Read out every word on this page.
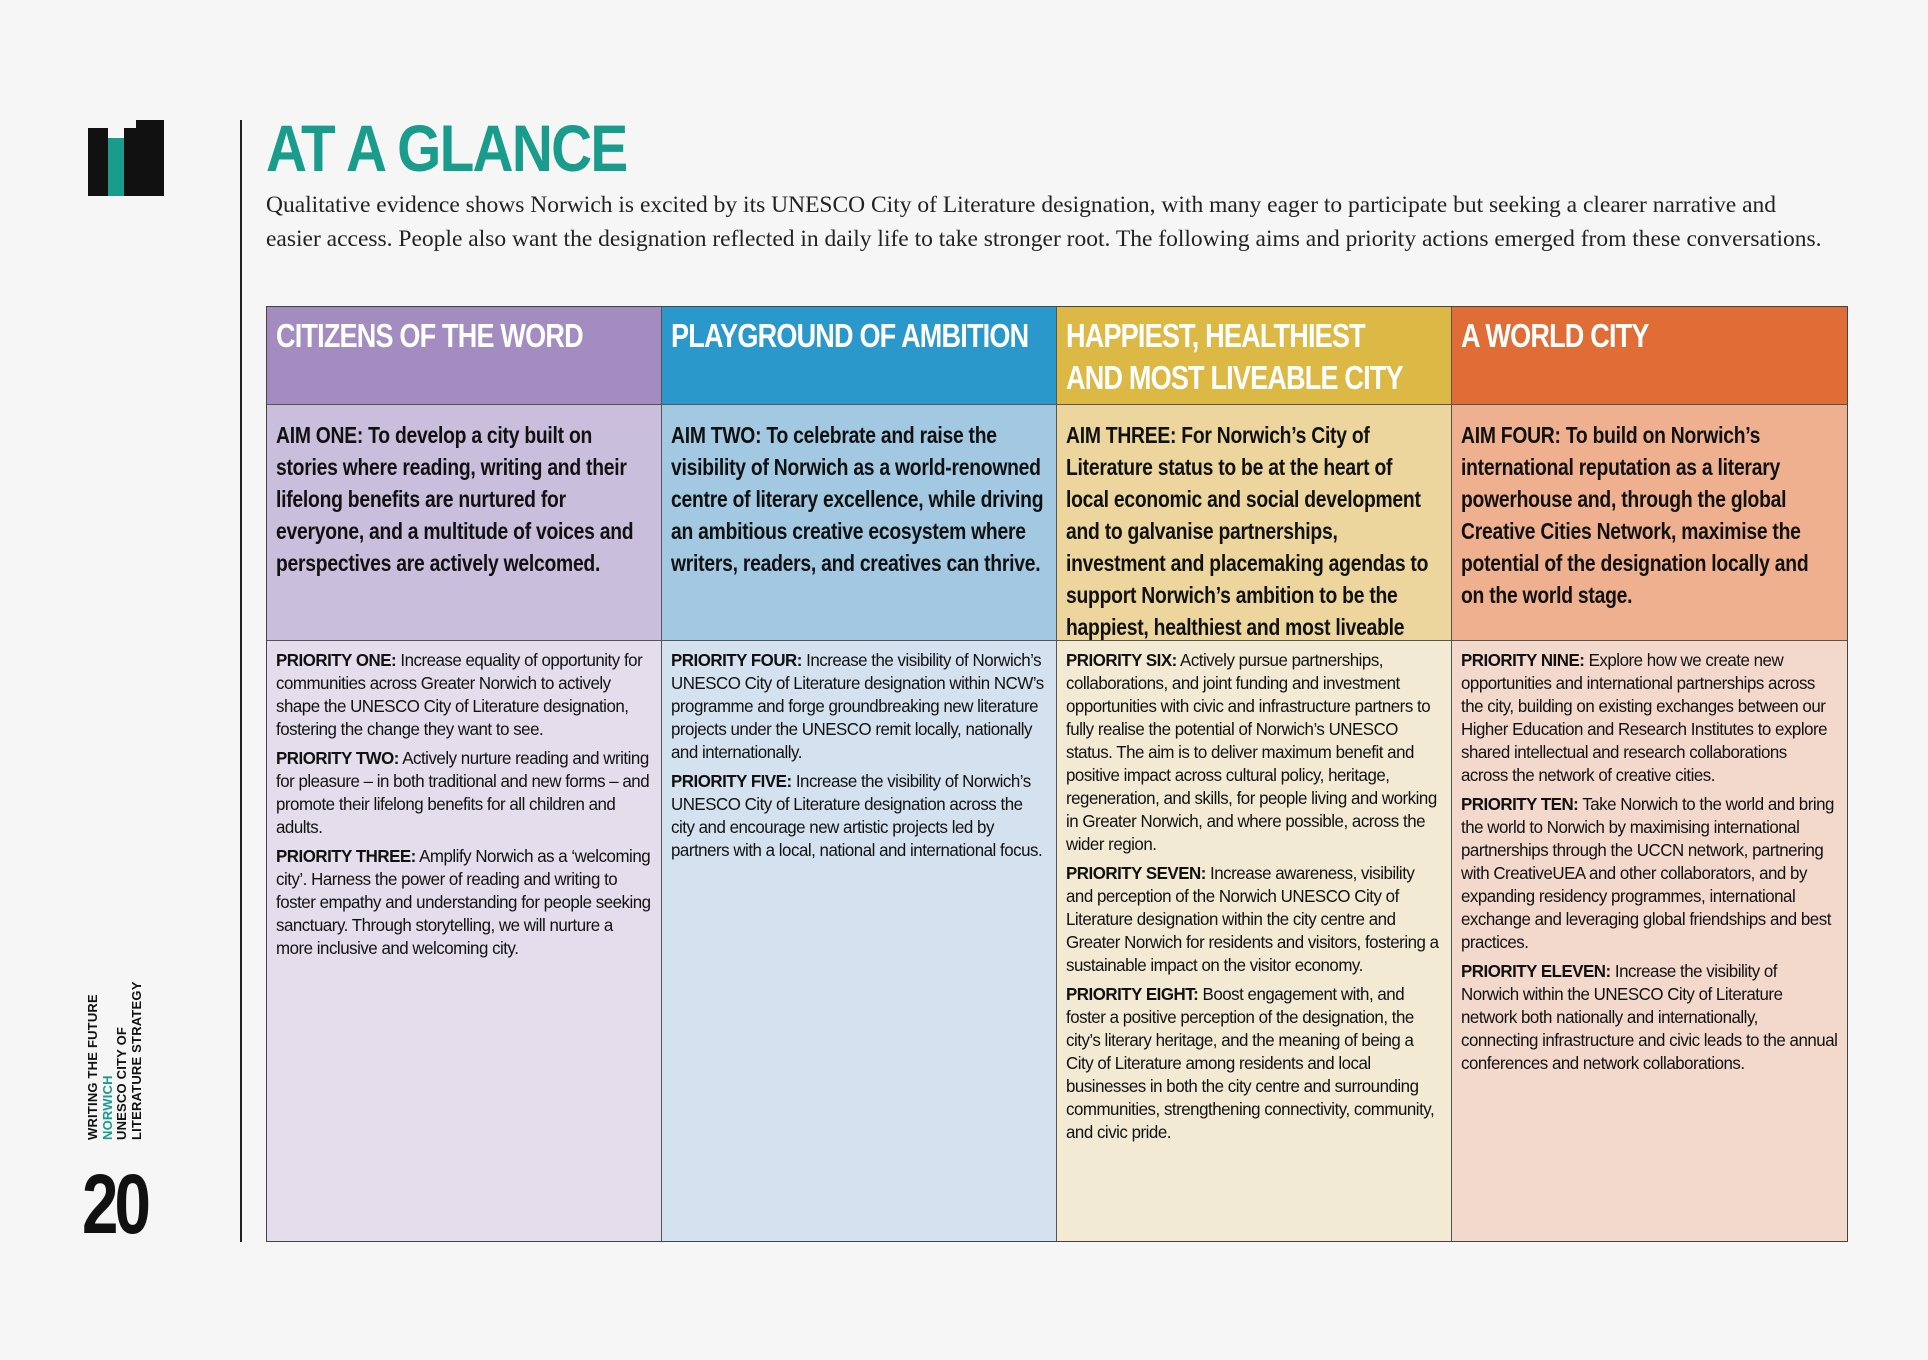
WRITING THE FUTURE NORWICH UNESCO CITY OF LITERATURE STRATEGY
20
AT A GLANCE
Qualitative evidence shows Norwich is excited by its UNESCO City of Literature designation, with many eager to participate but seeking a clearer narrative and easier access. People also want the designation reflected in daily life to take stronger root. The following aims and priority actions emerged from these conversations.
CITIZENS OF THE WORD	PLAYGROUND OF AMBITION	HAPPIEST, HEALTHIEST
AND MOST LIVEABLE CITY
A WORLD CITY
AIM ONE: To develop a city built on stories where reading, writing and their lifelong benefits are nurtured for everyone, and a multitude of voices and perspectives are actively welcomed.
AIM TWO: To celebrate and raise the visibility of Norwich as a world-renowned centre of literary excellence, while driving an ambitious creative ecosystem where writers, readers, and creatives can thrive.
AIM THREE: For Norwich’s City of Literature status to be at the heart of local economic and social development and to galvanise partnerships, investment and placemaking agendas to support Norwich’s ambition to be the happiest, healthiest and most liveable
AIM FOUR: To build on Norwich’s international reputation as a literary powerhouse and, through the global Creative Cities Network, maximise the potential of the designation locally and on the world stage.

PRIORITY ONE: Increase equality of opportunity for communities across Greater Norwich to actively shape the UNESCO City of Literature designation, fostering the change they want to see.

PRIORITY TWO: Actively nurture reading and writing for pleasure – in both traditional and new forms – and promote their lifelong benefits for all children and adults.

PRIORITY THREE: Amplify Norwich as a ‘welcoming city’. Harness the power of reading and writing to foster empathy and understanding for people seeking sanctuary. Through storytelling, we will nurture a more inclusive and welcoming city.

PRIORITY FOUR: Increase the visibility of Norwich’s UNESCO City of Literature designation within NCW’s programme and forge groundbreaking new literature projects under the UNESCO remit locally, nationally and internationally.

PRIORITY FIVE: Increase the visibility of Norwich’s UNESCO City of Literature designation across the city and encourage new artistic projects led by partners with a local, national and international focus.

PRIORITY SIX: Actively pursue partnerships, collaborations, and joint funding and investment opportunities with civic and infrastructure partners to fully realise the potential of Norwich’s UNESCO status. The aim is to deliver maximum benefit and positive impact across cultural policy, heritage, regeneration, and skills, for people living and working in Greater Norwich, and where possible, across the wider region.

PRIORITY SEVEN: Increase awareness, visibility and perception of the Norwich UNESCO City of Literature designation within the city centre and Greater Norwich for residents and visitors, fostering a sustainable impact on the visitor economy.

PRIORITY EIGHT: Boost engagement with, and foster a positive perception of the designation, the city’s literary heritage, and the meaning of being a City of Literature among residents and local businesses in both the city centre and surrounding communities, strengthening connectivity, community, and civic pride.

PRIORITY NINE: Explore how we create new opportunities and international partnerships across the city, building on existing exchanges between our Higher Education and Research Institutes to explore shared intellectual and research collaborations across the network of creative cities.

PRIORITY TEN: Take Norwich to the world and bring the world to Norwich by maximising international partnerships through the UCCN network, partnering with CreativeUEA and other collaborators, and by expanding residency programmes, international exchange and leveraging global friendships and best practices.

PRIORITY ELEVEN: Increase the visibility of Norwich within the UNESCO City of Literature network both nationally and internationally, connecting infrastructure and civic leads to the annual conferences and network collaborations.
